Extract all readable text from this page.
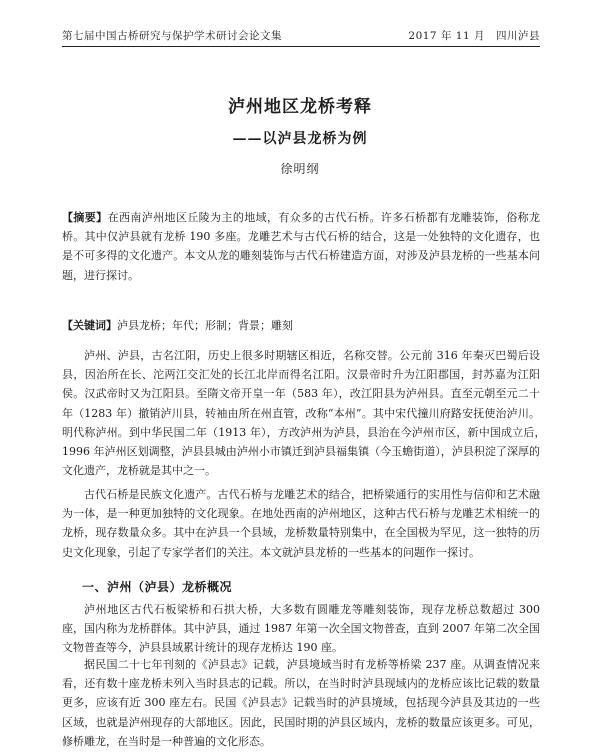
第七届中国古桥研究与保护学术研讨会论文集	2017 年 11 月　四川泸县
泸州地区龙桥考释
——以泸县龙桥为例
徐明纲

【摘要】在西南泸州地区丘陵为主的地域，有众多的古代石桥。许多石桥都有龙雕装饰，俗称龙桥。其中仅泸县就有龙桥 190 多座。龙雕艺术与古代石桥的结合，这是一处独特的文化遗存，也是不可多得的文化遗产。本文从龙的雕刻装饰与古代石桥建造方面，对涉及泸县龙桥的一些基本问题，进行探讨。

【关键词】泸县龙桥；年代；形制；背景；雕刻

泸州、泸县，古名江阳，历史上很多时期辖区相近，名称交替。公元前 316 年秦灭巴蜀后设县，因治所在长、沱两江交汇处的长江北岸而得名江阳。汉景帝时升为江阳郡国，封苏嘉为江阳侯。汉武帝时又为江阳县。至隋文帝开皇一年（583 年），改江阳县为泸州县。直至元朝至元二十年（1283 年）撤销泸川县，转袖由所在州直管，改称“本州”。其中宋代撞川府路安抚使治泸川。明代称泸州。到中华民国二年（1913 年），方改泸州为泸县，县治在今泸州市区，新中国成立后，　1996 年泸州区划调整，泸县县城由泸州小市镇迁到泸县福集镇（今玉蟾街道），泸县积淀了深厚的文化遗产，龙桥就是其中之一。

古代石桥是民族文化遗产。古代石桥与龙雕艺术的结合，把桥梁通行的实用性与信仰和艺术融为一体，是一种更加独特的文化现象。在地处西南的泸州地区，这种古代石桥与龙雕艺术相统一的龙桥，现存数量众多。其中在泸县一个县域，龙桥数量特别集中，在全国极为罕见，这一独特的历史文化现象，引起了专家学者们的关注。本文就泸县龙桥的一些基本的问题作一探讨。

一、泸州（泸县）龙桥概况

泸州地区古代石板梁桥和石拱大桥，大多数有圆雕龙等雕刻装饰，现存龙桥总数超过 300 座，国内称为龙桥群体。其中泸县，通过 1987 年第一次全国文物普查，直到 2007 年第二次全国文物普查等今，泸县县域累计统计的现存龙桥达 190 座。

据民国二十七年刊刻的《泸县志》记载，泸县境域当时有龙桥等桥梁 237 座。从调查情况来看，还有数十座龙桥未列入当时县志的记载。所以，在当时时泸县现域内的龙桥应该比记载的数量更多，应该有近 300 座左右。民国《泸县志》记载当时的泸县境域，包括现今泸县及其边的一些区域，也就是泸州现存的大部地区。因此，民国时期的泸县区域内，龙桥的数量应该更多。可见，修桥雕龙，在当时是一种普遍的文化形态。
